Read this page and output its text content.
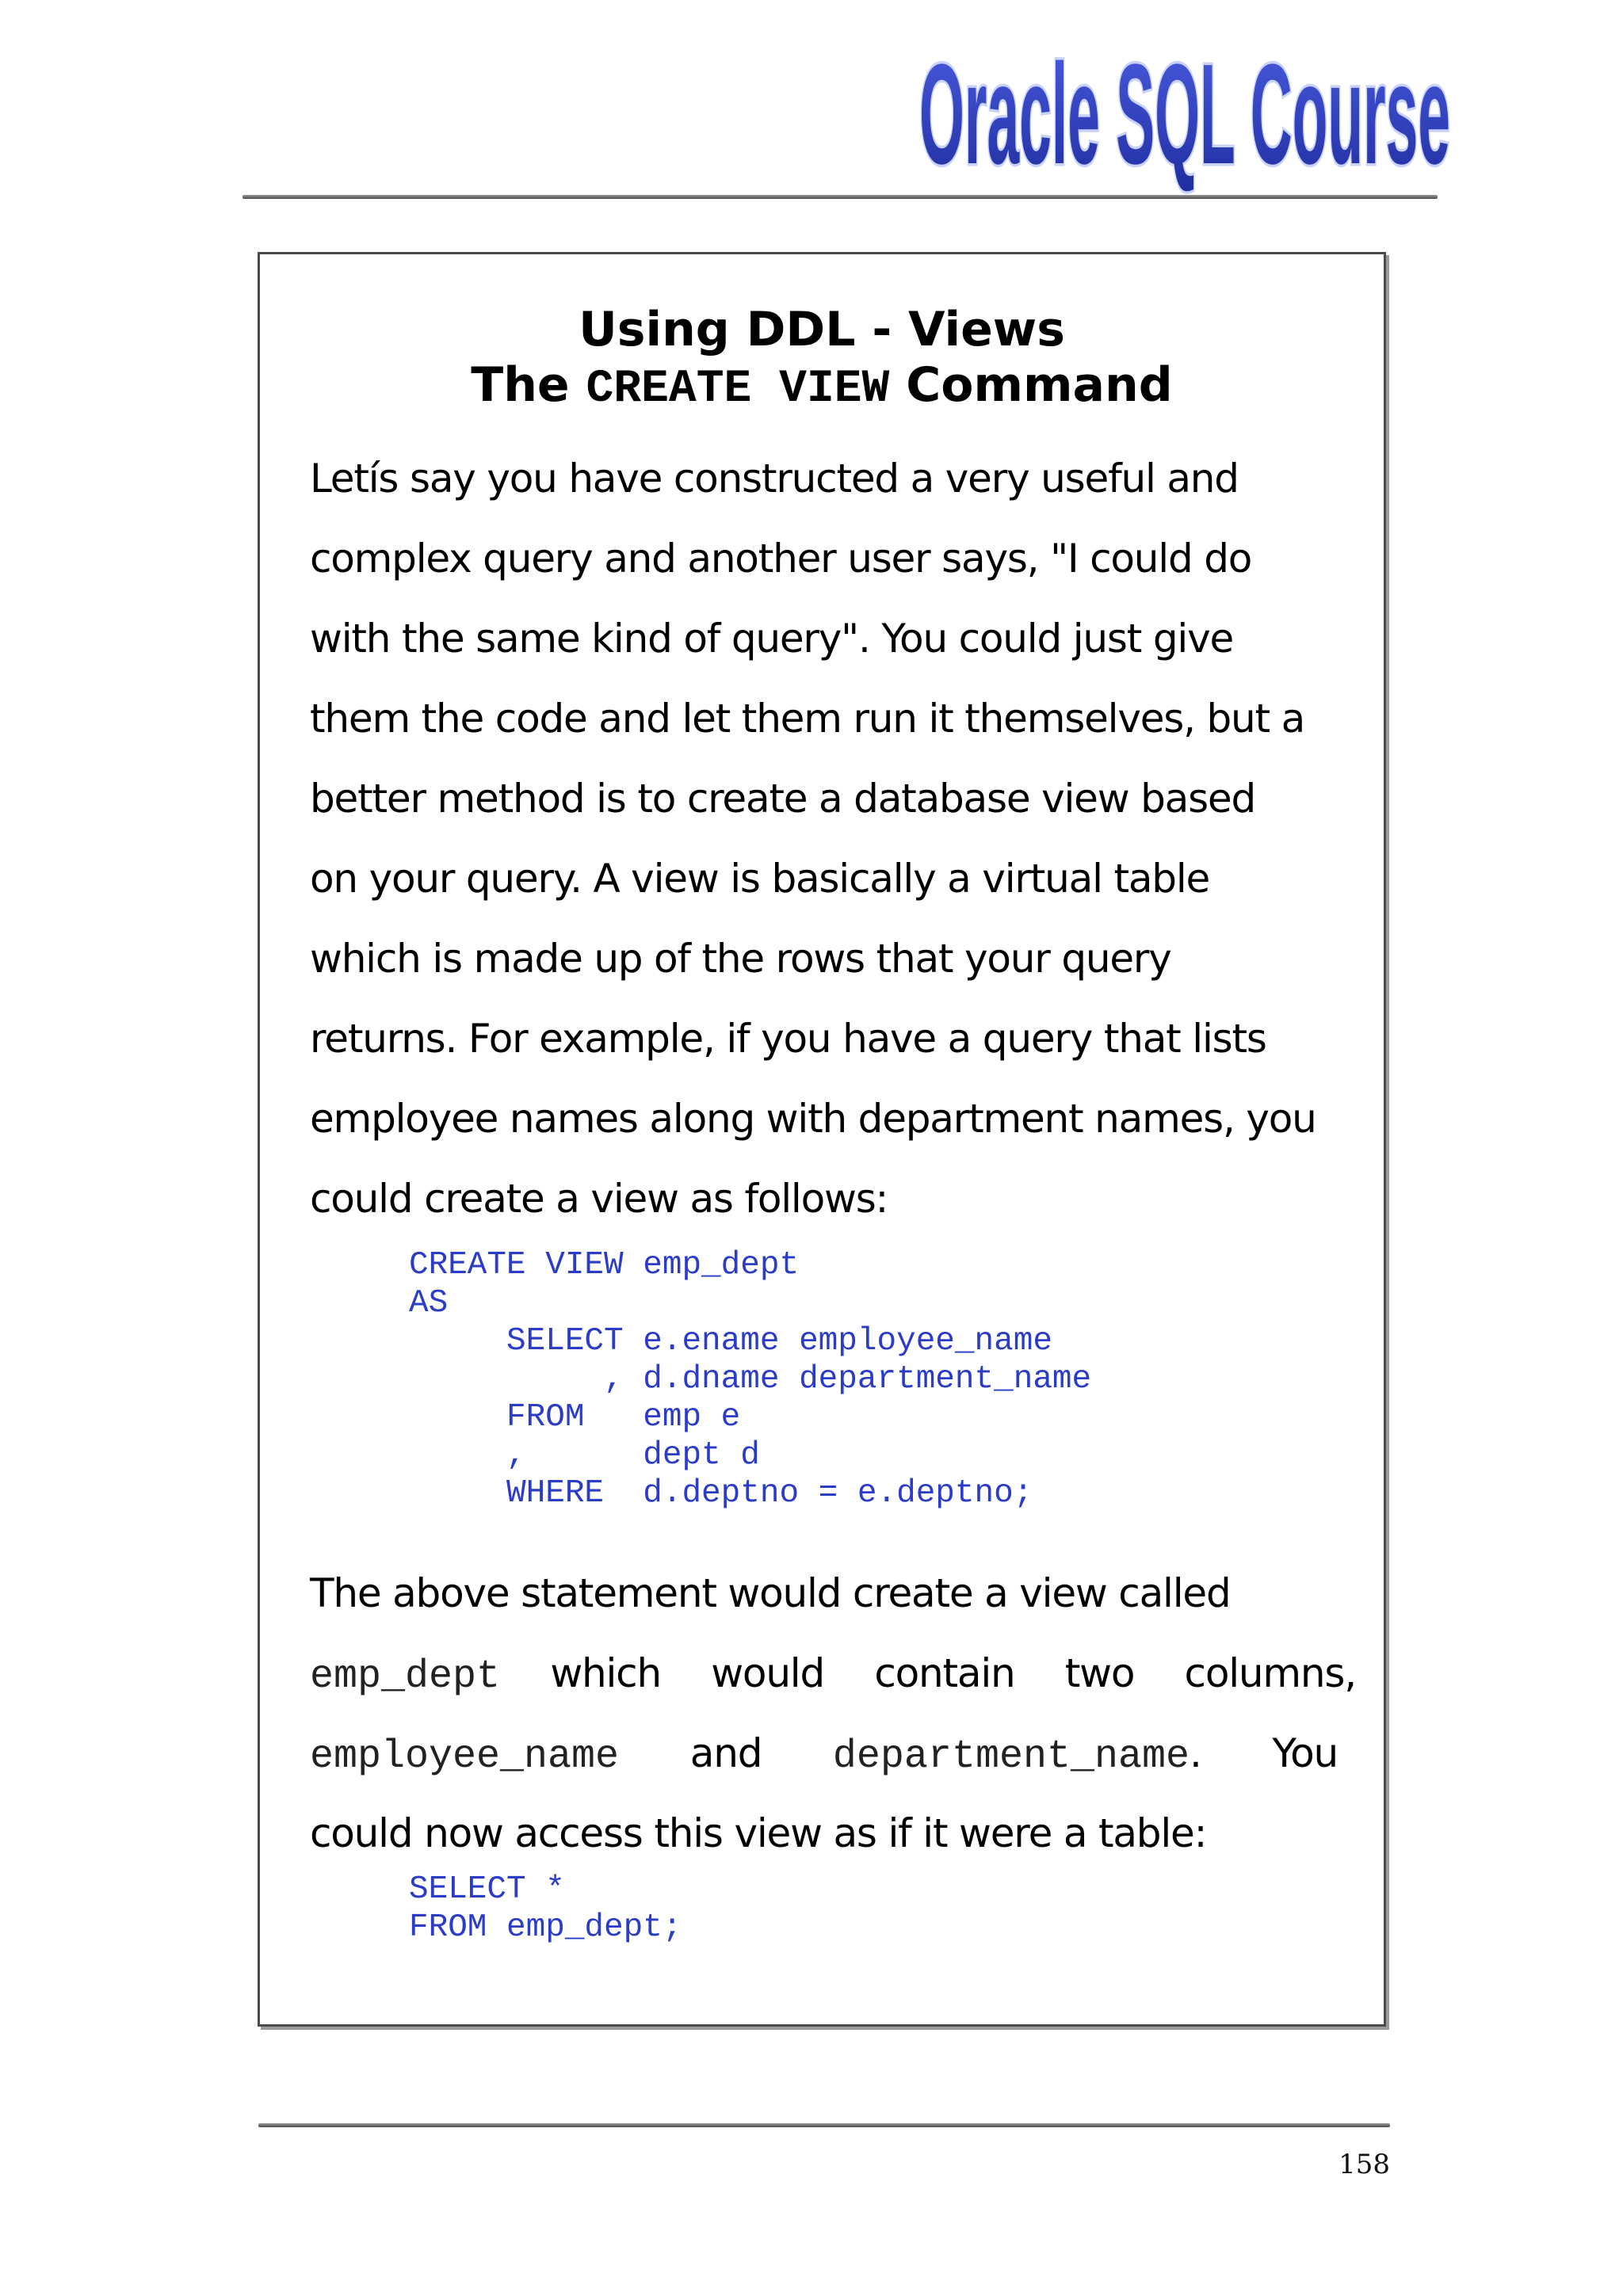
Oracle SQL Course
Using DDL - Views
The CREATE VIEW Command
Letís say you have constructed a very useful and
complex query and another user says, "I could do
with the same kind of query". You could just give
them the code and let them run it themselves, but a
better method is to create a database view based
on your query. A view is basically a virtual table
which is made up of the rows that your query
returns. For example, if you have a query that lists
employee names along with department names, you
could create a view as follows:
CREATE VIEW emp_dept
AS
SELECT e.ename employee_name
, d.dname department_name
FROM   emp e
,      dept d
WHERE  d.deptno = e.deptno;
The above statement would create a view called
emp_dept which would contain two columns,
employee_name and department_name. You
could now access this view as if it were a table:
SELECT *
FROM emp_dept;
158
